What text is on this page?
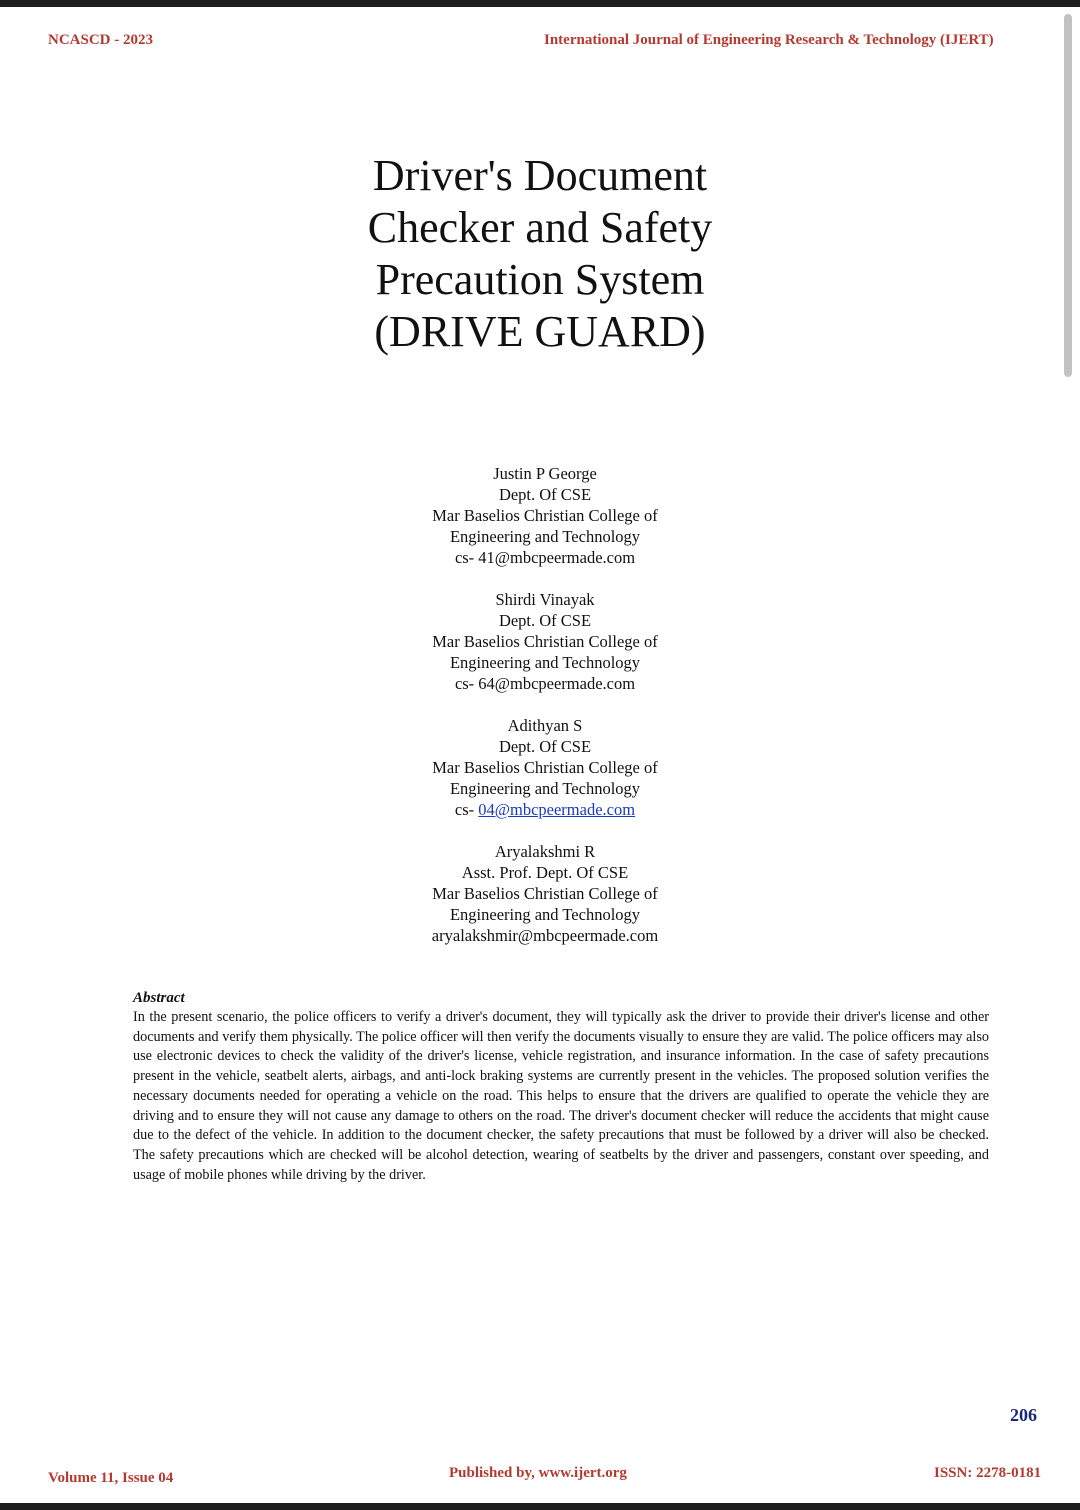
NCASCD - 2023	International Journal of Engineering Research & Technology (IJERT)
Driver's Document
Checker and Safety
Precaution System
(DRIVE GUARD)
Justin P George
Dept. Of CSE
Mar Baselios Christian College of
Engineering and Technology
cs- 41@mbcpeermade.com
Shirdi Vinayak
Dept. Of CSE
Mar Baselios Christian College of
Engineering and Technology
cs- 64@mbcpeermade.com
Adithyan S
Dept. Of CSE
Mar Baselios Christian College of
Engineering and Technology
cs- 04@mbcpeermade.com
Aryalakshmi R
Asst. Prof. Dept. Of CSE
Mar Baselios Christian College of
Engineering and Technology
aryalakshmir@mbcpeermade.com
Abstract
In the present scenario, the police officers to verify a driver's document, they will typically ask the driver to provide their driver's license and other documents and verify them physically. The police officer will then verify the documents visually to ensure they are valid. The police officers may also use electronic devices to check the validity of the driver's license, vehicle registration, and insurance information. In the case of safety precautions present in the vehicle, seatbelt alerts, airbags, and anti-lock braking systems are currently present in the vehicles. The proposed solution verifies the necessary documents needed for operating a vehicle on the road. This helps to ensure that the drivers are qualified to operate the vehicle they are driving and to ensure they will not cause any damage to others on the road. The driver's document checker will reduce the accidents that might cause due to the defect of the vehicle. In addition to the document checker, the safety precautions that must be followed by a driver will also be checked. The safety precautions which are checked will be alcohol detection, wearing of seatbelts by the driver and passengers, constant over speeding, and usage of mobile phones while driving by the driver.
206
Volume 11, Issue 04	Published by, www.ijert.org	ISSN: 2278-0181
